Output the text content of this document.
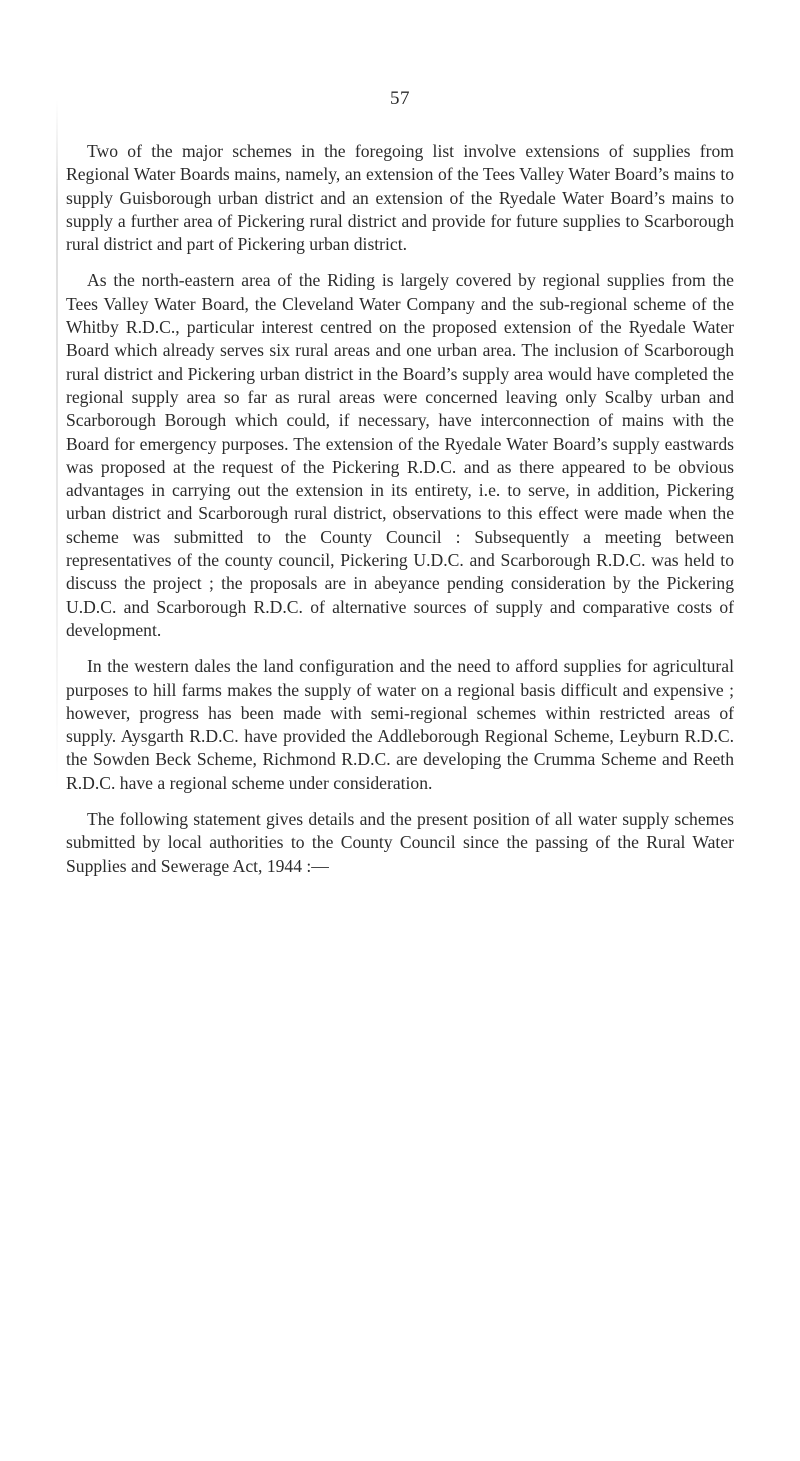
57

Two of the major schemes in the foregoing list involve extensions of supplies from Regional Water Boards mains, namely, an extension of the Tees Valley Water Board’s mains to supply Guisborough urban district and an extension of the Ryedale Water Board’s mains to supply a further area of Pickering rural district and provide for future supplies to Scarborough rural district and part of Pickering urban district.

As the north-eastern area of the Riding is largely covered by regional supplies from the Tees Valley Water Board, the Cleveland Water Company and the sub-regional scheme of the Whitby R.D.C., particular interest centred on the proposed extension of the Ryedale Water Board which already serves six rural areas and one urban area. The inclusion of Scarborough rural district and Pickering urban district in the Board’s supply area would have completed the regional supply area so far as rural areas were concerned leaving only Scalby urban and Scarborough Borough which could, if necessary, have interconnection of mains with the Board for emergency purposes. The extension of the Ryedale Water Board’s supply eastwards was proposed at the request of the Pickering R.D.C. and as there appeared to be obvious advantages in carrying out the extension in its entirety, i.e. to serve, in addition, Pickering urban district and Scarborough rural district, observations to this effect were made when the scheme was submitted to the County Council : Subsequently a meeting between representatives of the county council, Pickering U.D.C. and Scarborough R.D.C. was held to discuss the project ; the proposals are in abeyance pending consideration by the Pickering U.D.C. and Scarborough R.D.C. of alternative sources of supply and comparative costs of development.

In the western dales the land configuration and the need to afford supplies for agricultural purposes to hill farms makes the supply of water on a regional basis difficult and expensive ; however, progress has been made with semi-regional schemes within restricted areas of supply. Aysgarth R.D.C. have provided the Addleborough Regional Scheme, Leyburn R.D.C. the Sowden Beck Scheme, Richmond R.D.C. are developing the Crumma Scheme and Reeth R.D.C. have a regional scheme under consideration.

The following statement gives details and the present position of all water supply schemes submitted by local authorities to the County Council since the passing of the Rural Water Supplies and Sewerage Act, 1944 :—
